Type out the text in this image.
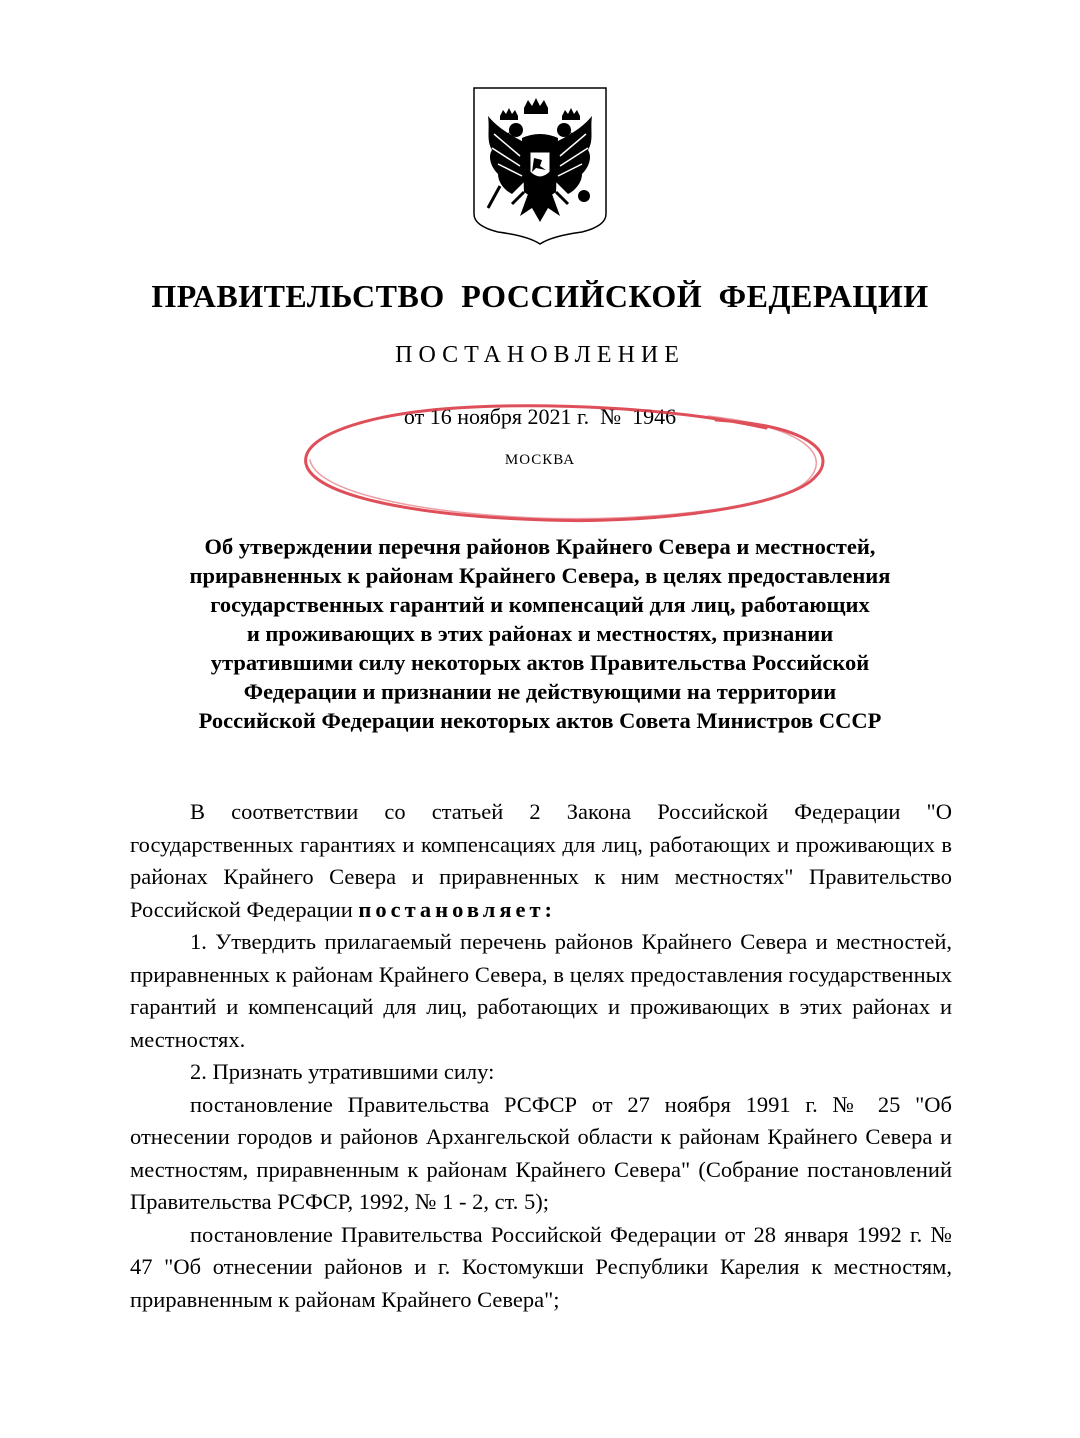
ПРАВИТЕЛЬСТВО РОССИЙСКОЙ ФЕДЕРАЦИИ
ПОСТАНОВЛЕНИЕ
от 16 ноября 2021 г.  №  1946
МОСКВА
Об утверждении перечня районов Крайнего Севера и местностей,
приравненных к районам Крайнего Севера, в целях предоставления
государственных гарантий и компенсаций для лиц, работающих
и проживающих в этих районах и местностях, признании
утратившими силу некоторых актов Правительства Российской
Федерации и признании не действующими на территории
Российской Федерации некоторых актов Совета Министров СССР

В соответствии со статьей 2 Закона Российской Федерации "О государственных гарантиях и компенсациях для лиц, работающих и проживающих в районах Крайнего Севера и приравненных к ним местностях" Правительство Российской Федерации постановляет:

1. Утвердить прилагаемый перечень районов Крайнего Севера и местностей, приравненных к районам Крайнего Севера, в целях предоставления государственных гарантий и компенсаций для лиц, работающих и проживающих в этих районах и местностях.

2. Признать утратившими силу:

постановление Правительства РСФСР от 27 ноября 1991 г. № 25 "Об отнесении городов и районов Архангельской области к районам Крайнего Севера и местностям, приравненным к районам Крайнего Севера" (Собрание постановлений Правительства РСФСР, 1992, № 1 - 2, ст. 5);

постановление Правительства Российской Федерации от 28 января 1992 г. № 47 "Об отнесении районов и г. Костомукши Республики Карелия к местностям, приравненным к районам Крайнего Севера";
